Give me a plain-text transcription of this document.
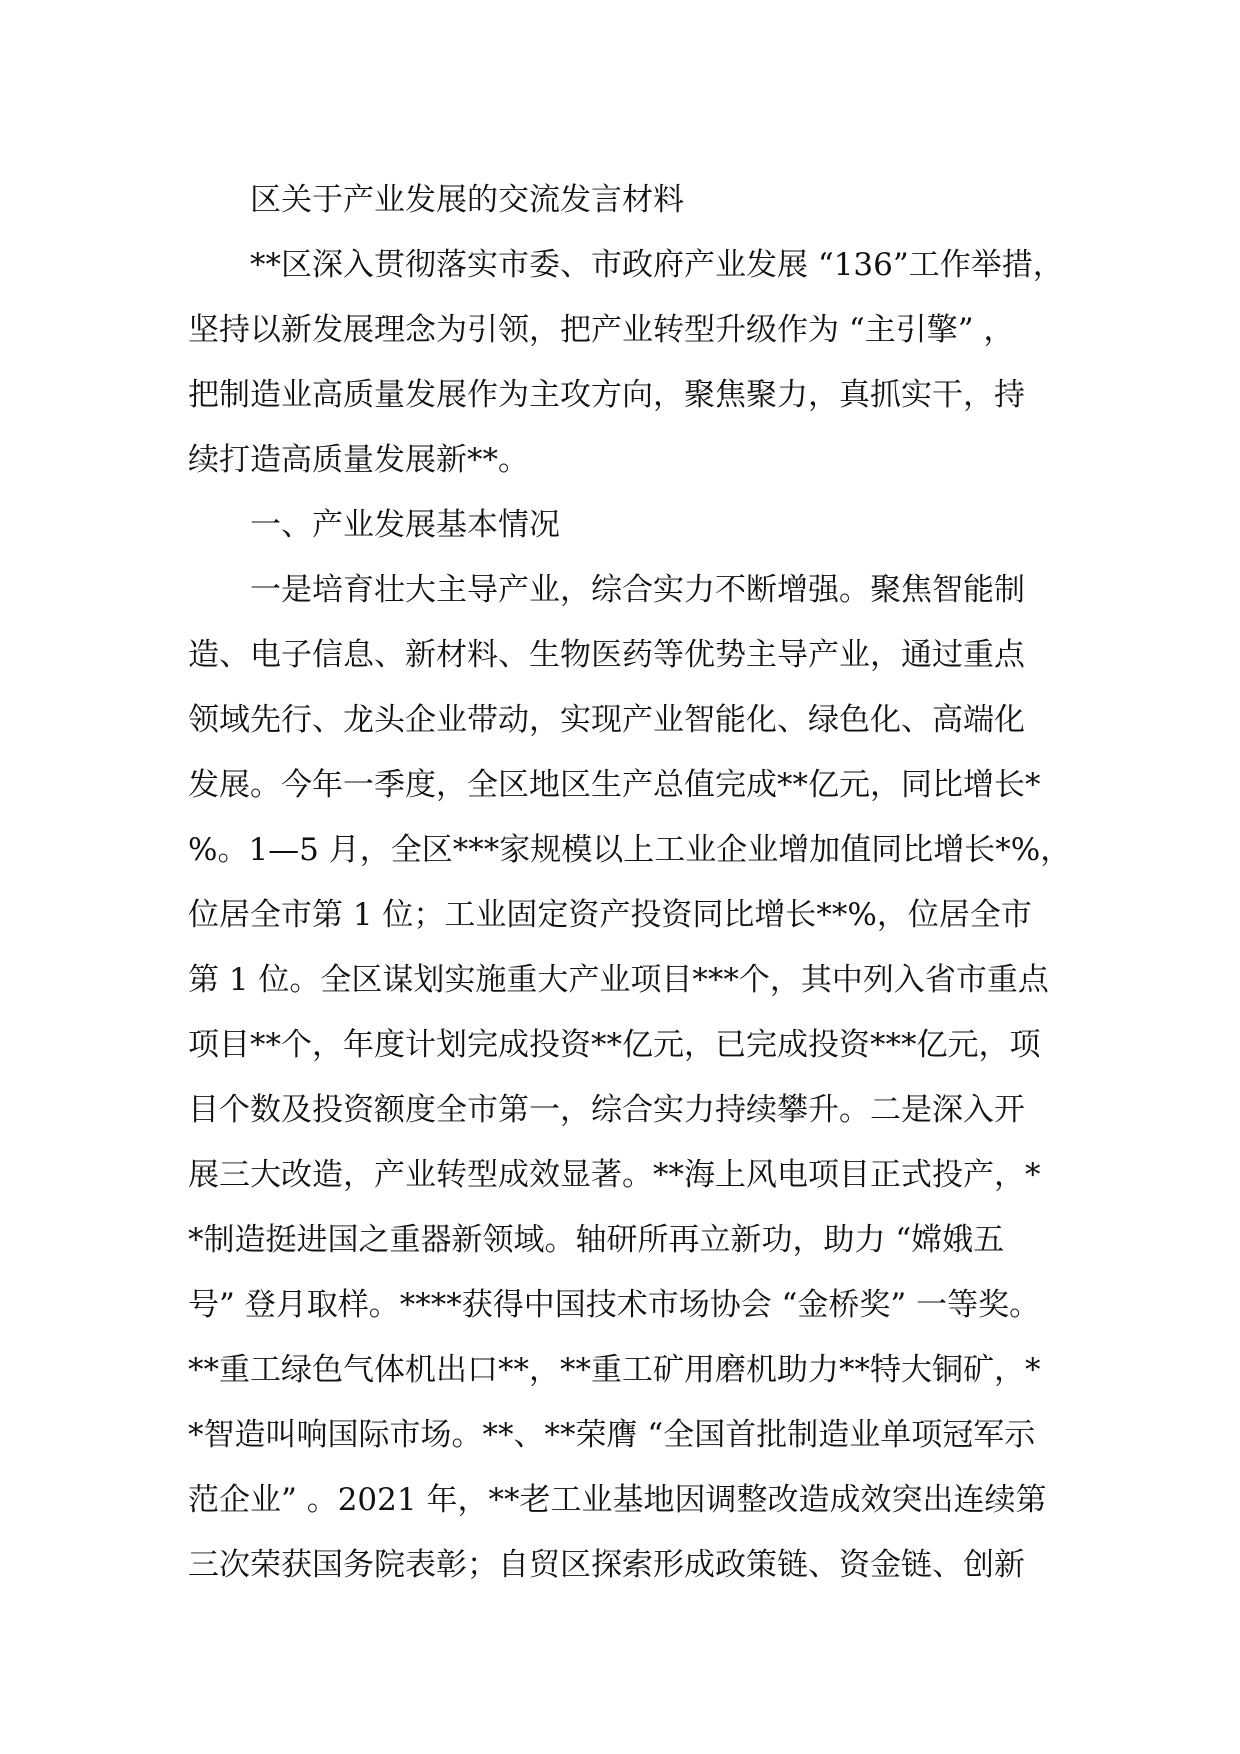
区关于产业发展的交流发言材料
**区深入贯彻落实市委、市政府产业发展 “136”工作举措，
坚持以新发展理念为引领，把产业转型升级作为 “主引擎” ，
把制造业高质量发展作为主攻方向，聚焦聚力，真抓实干，持
续打造高质量发展新**。
一、产业发展基本情况
一是培育壮大主导产业，综合实力不断增强。聚焦智能制
造、电子信息、新材料、生物医药等优势主导产业，通过重点
领域先行、龙头企业带动，实现产业智能化、绿色化、高端化
发展。今年一季度，全区地区生产总值完成**亿元，同比增长*
%。1—5 月，全区***家规模以上工业企业增加值同比增长*%，
位居全市第 1 位；工业固定资产投资同比增长**%，位居全市
第 1 位。全区谋划实施重大产业项目***个，其中列入省市重点
项目**个，年度计划完成投资**亿元，已完成投资***亿元，项
目个数及投资额度全市第一，综合实力持续攀升。二是深入开
展三大改造，产业转型成效显著。**海上风电项目正式投产，*
*制造挺进国之重器新领域。轴研所再立新功，助力 “嫦娥五
号” 登月取样。****获得中国技术市场协会 “金桥奖” 一等奖。
**重工绿色气体机出口**，**重工矿用磨机助力**特大铜矿，*
*智造叫响国际市场。**、**荣膺 “全国首批制造业单项冠军示
范企业” 。2021 年，**老工业基地因调整改造成效突出连续第
三次荣获国务院表彰；自贸区探索形成政策链、资金链、创新
